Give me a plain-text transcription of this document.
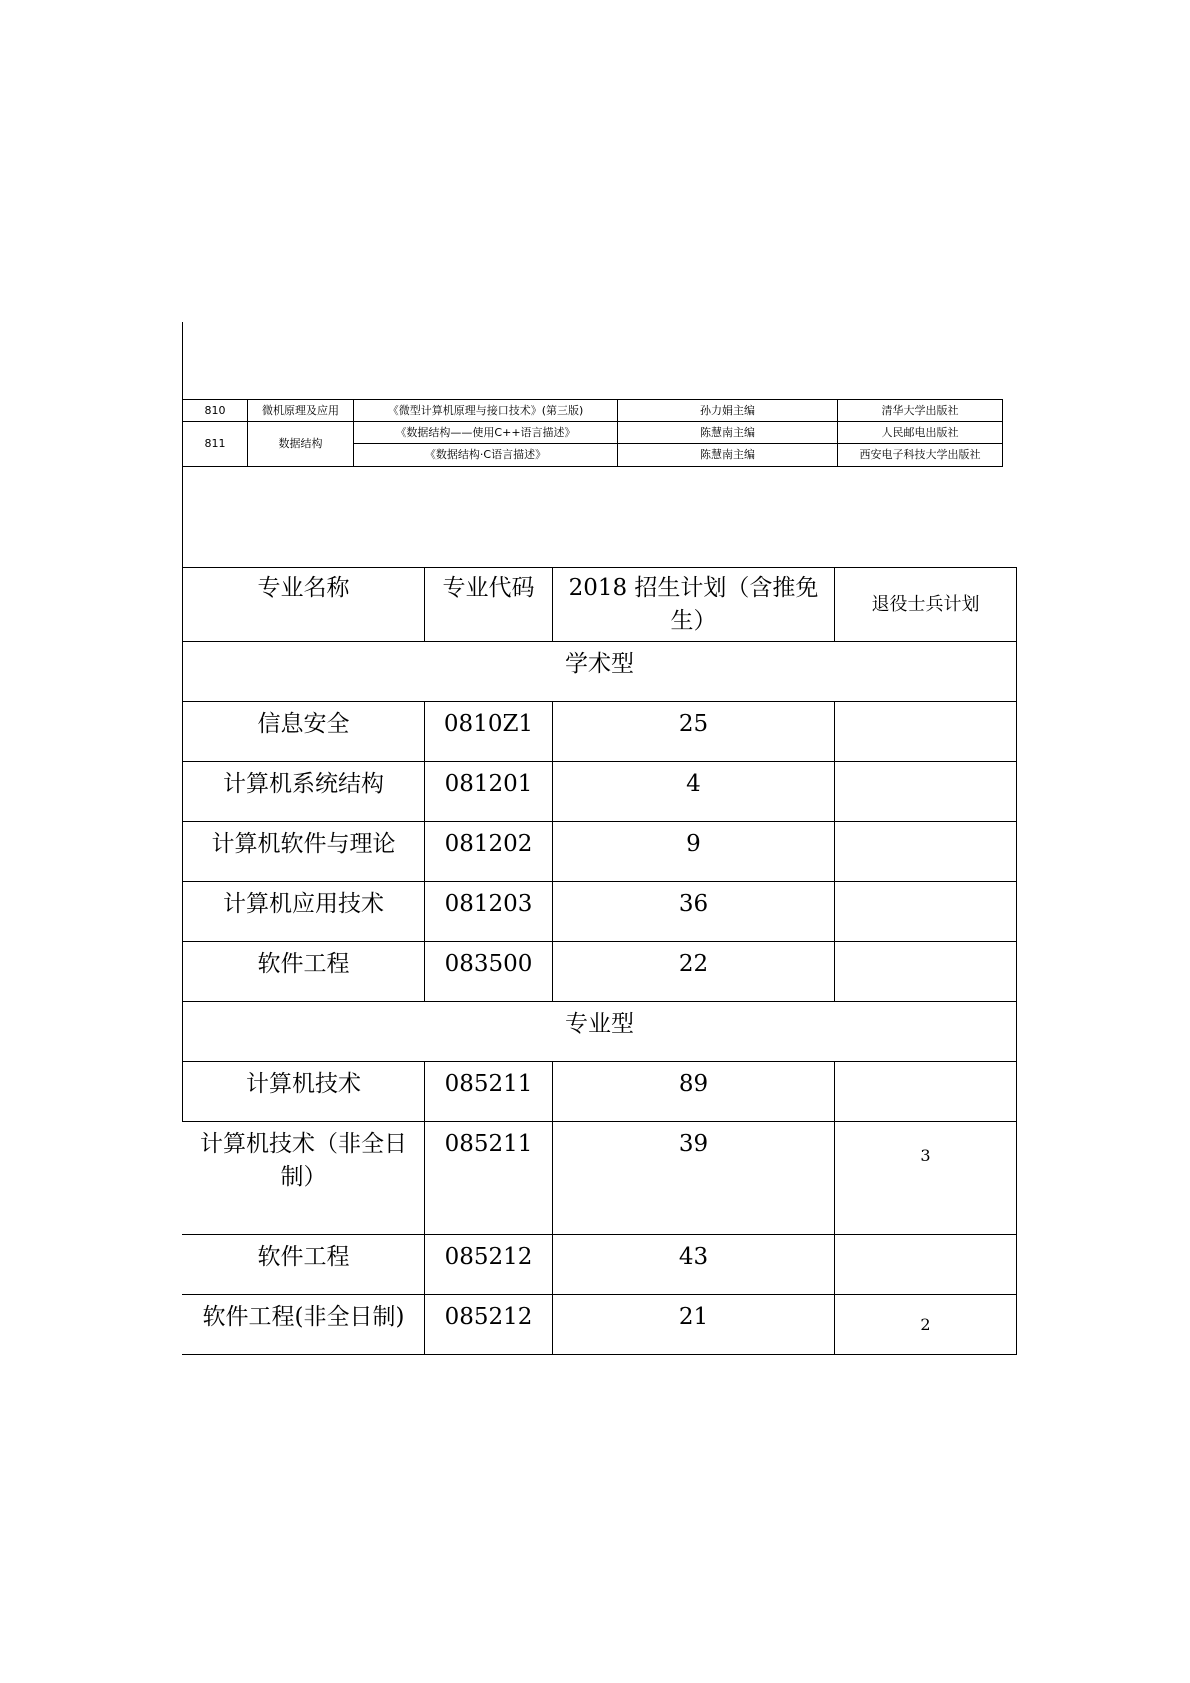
810	微机原理及应用	《微型计算机原理与接口技术》(第三版)	孙力娟主编	清华大学出版社
811	数据结构	《数据结构——使用C++语言描述》	陈慧南主编	人民邮电出版社
		《数据结构·C语言描述》	陈慧南主编	西安电子科技大学出版社
专业名称	专业代码	2018 招生计划（含推免生）	退役士兵计划

学术型			

信息安全	0810Z1	25	

计算机系统结构	081201	4	

计算机软件与理论	081202	9	

计算机应用技术	081203	36	

软件工程	083500	22	

专业型			

计算机技术	085211	89	

计算机技术（非全日制）	085211	39	3

软件工程	085212	43	

软件工程(非全日制)	085212	21	2
